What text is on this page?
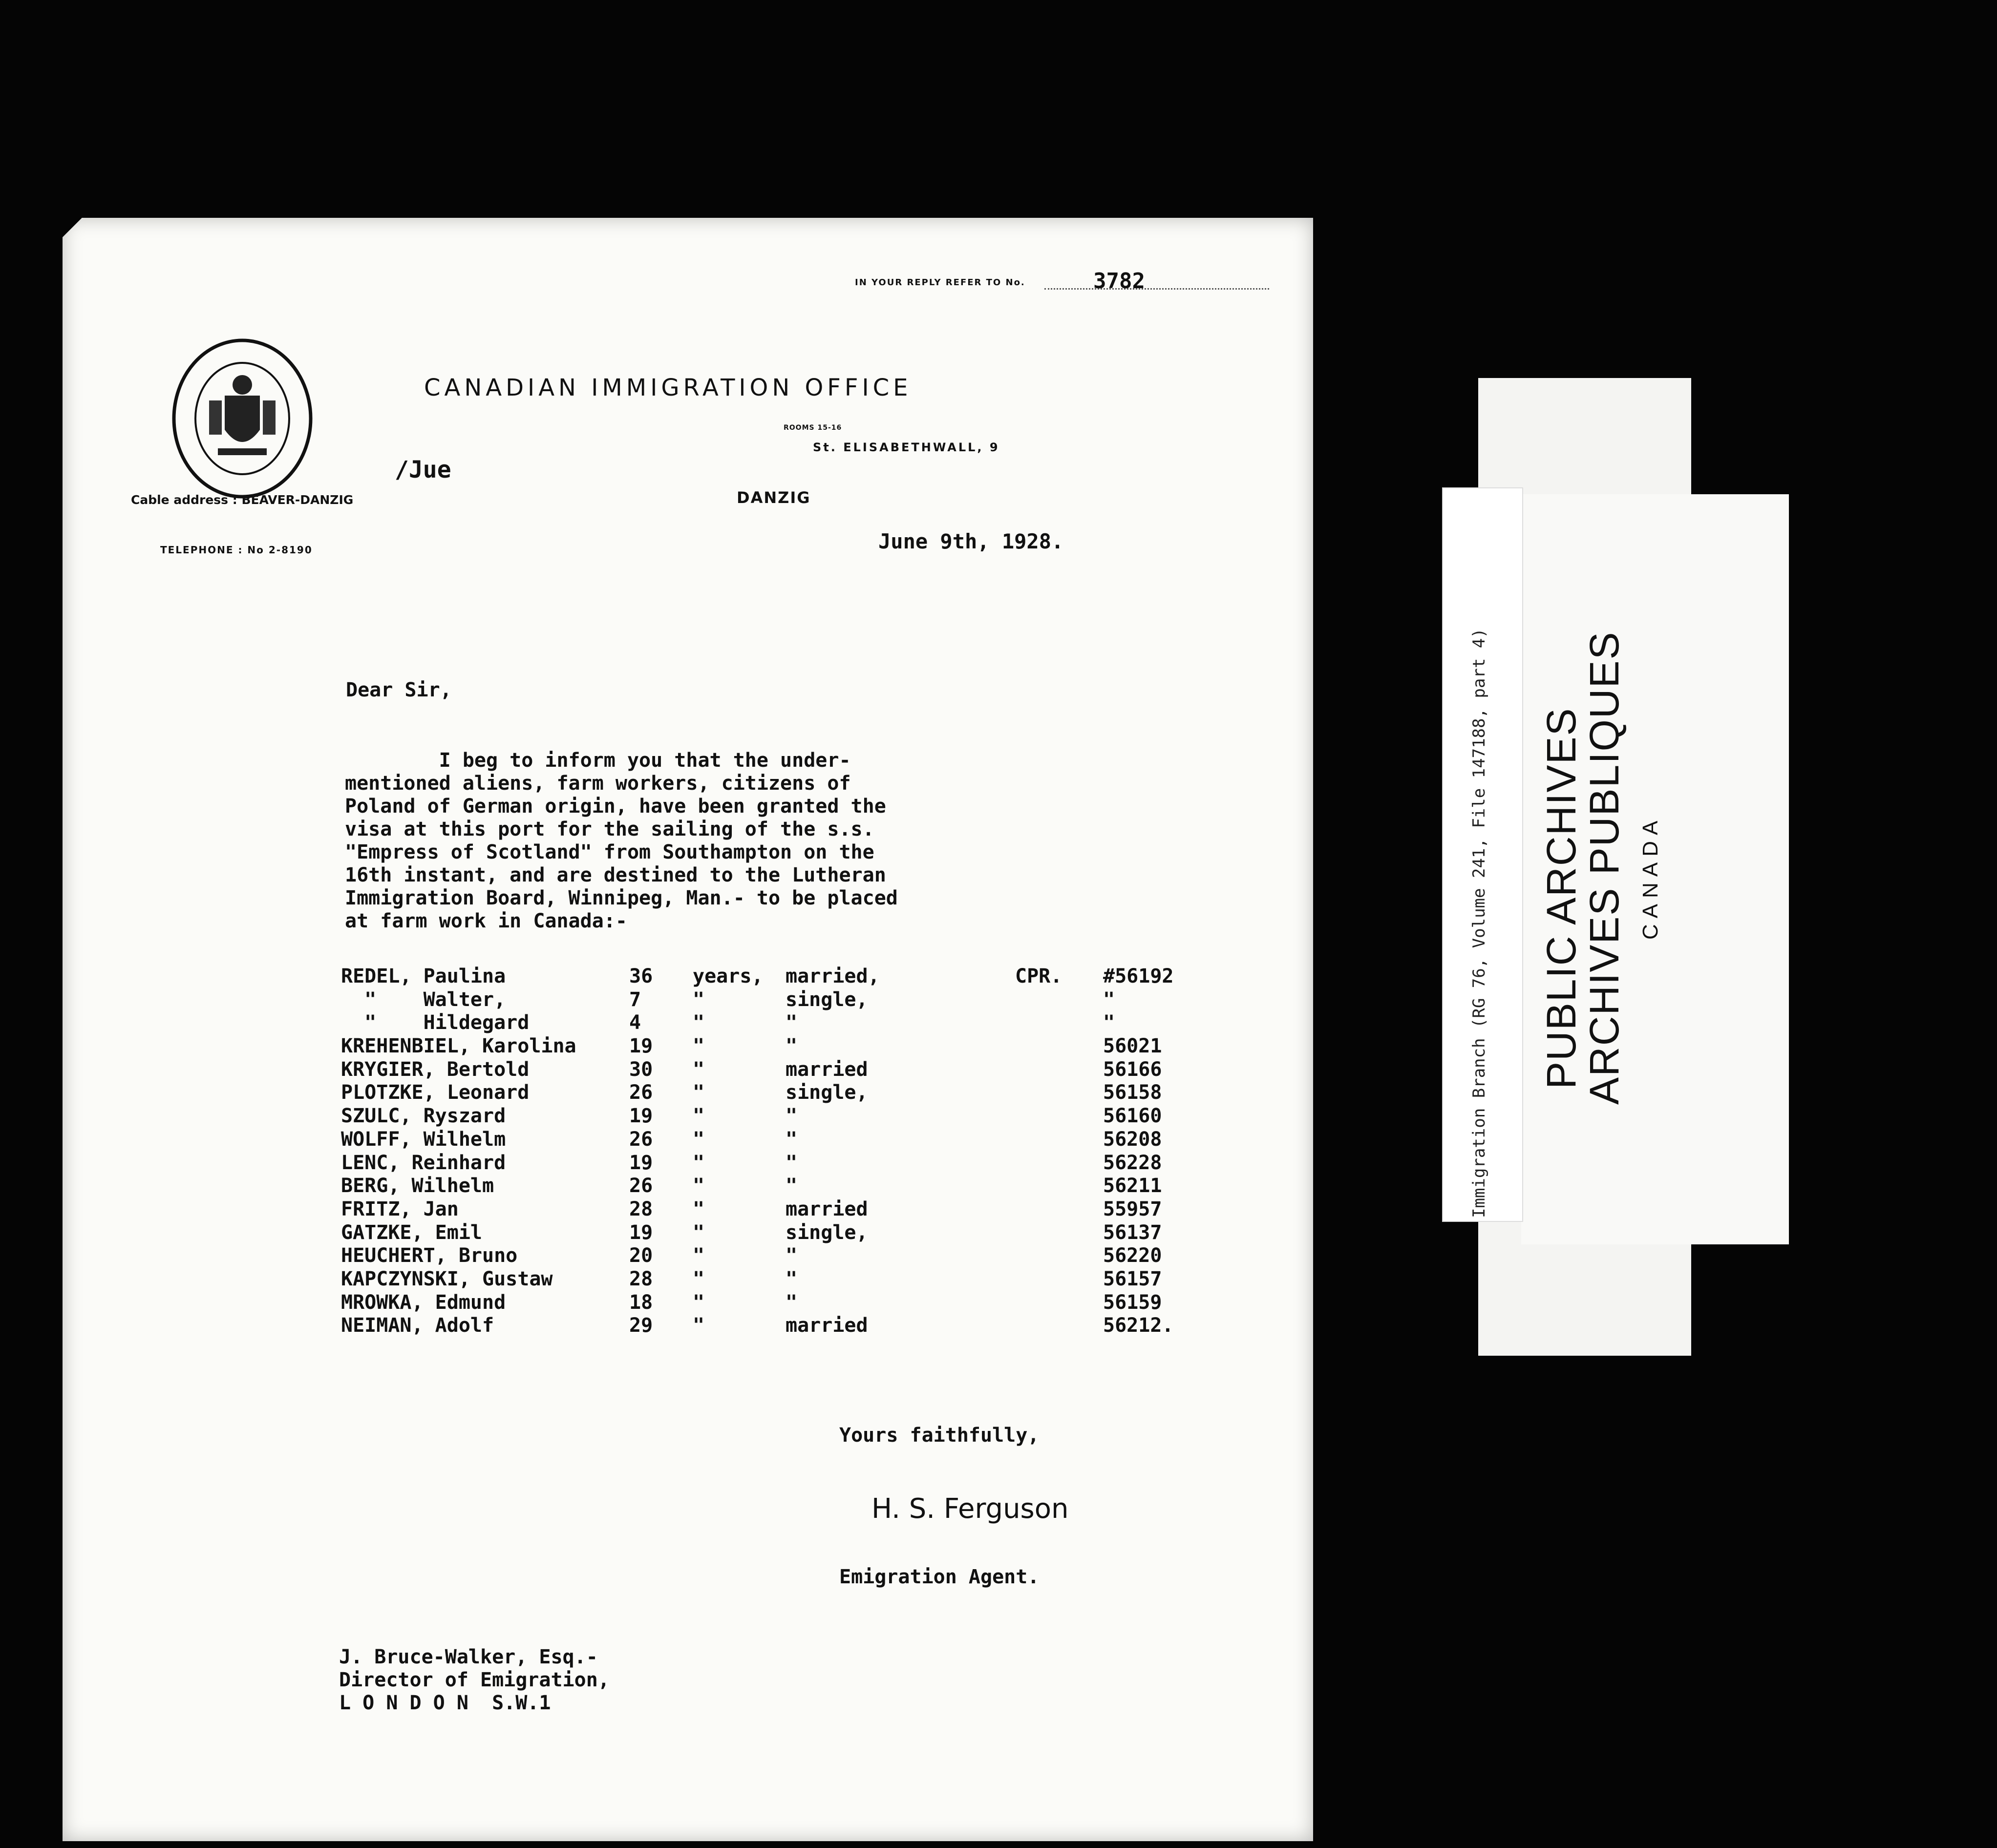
IN YOUR REPLY REFER TO No.	3782
Cable address : BEAVER-DANZIG
TELEPHONE : No 2-8190
CANADIAN IMMIGRATION OFFICE
ROOMS 15-16
St. ELISABETHWALL, 9
/Jue
DANZIG
June 9th, 1928.
Dear Sir,

I beg to inform you that the under-
mentioned aliens, farm workers, citizens of
Poland of German origin, have been granted the
visa at this port for the sailing of the s.s.
"Empress of Scotland" from Southampton on the
16th instant, and are destined to the Lutheran
Immigration Board, Winnipeg, Man.- to be placed
at farm work in Canada:-

REDEL, Paulina	36 years, married,	CPR. #56192
"    Walter,	7	"	single,	"
"    Hildegard	4	"	"	"
KREHENBIEL, Karolina	19 "	"	56021
KRYGIER, Bertold	30 "	married	56166
PLOTZKE, Leonard	26 "	single,	56158
SZULC, Ryszard	19 "	"	56160
WOLFF, Wilhelm	26 "	"	56208
LENC, Reinhard	19 "	"	56228
BERG, Wilhelm	26 "	"	56211
FRITZ, Jan	28 "	married	55957
GATZKE, Emil	19 "	single,	56137
HEUCHERT, Bruno	20 "	"	56220
KAPCZYNSKI, Gustaw	28 "	"	56157
MROWKA, Edmund	18 "	"	56159
NEIMAN, Adolf	29 "	married	56212.
Yours faithfully,
H. S. Ferguson
Emigration Agent.

J. Bruce-Walker, Esq.-
Director of Emigration,
L O N D O N  S.W.1

Immigration Branch (RG 76, Volume 241, File 147188, part 4) PUBLIC ARCHIVES
ARCHIVES PUBLIQUES CANADA
